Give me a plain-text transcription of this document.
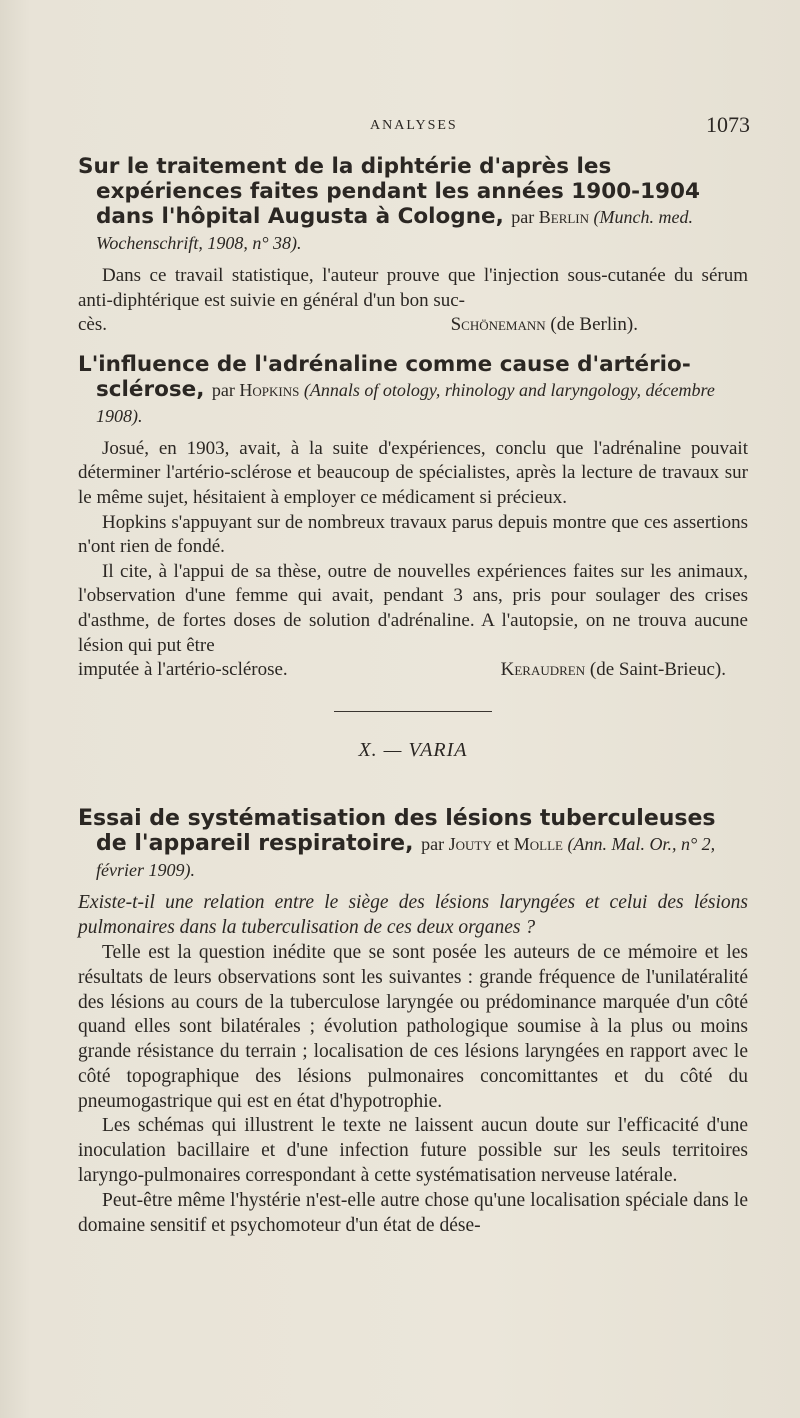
ANALYSES	1073

Sur le traitement de la diphtérie d'après les expériences faites pendant les années 1900-1904 dans l'hôpital Augusta à Cologne, par Berlin (Munch. med. Wochenschrift, 1908, n° 38).

Dans ce travail statistique, l'auteur prouve que l'injection sous-cutanée du sérum anti-diphtérique est suivie en général d'un bon suc-

cès.	Schönemann (de Berlin).

L'influence de l'adrénaline comme cause d'artério-sclérose, par Hopkins (Annals of otology, rhinology and laryngology, décembre 1908).

Josué, en 1903, avait, à la suite d'expériences, conclu que l'adrénaline pouvait déterminer l'artério-sclérose et beaucoup de spécialistes, après la lecture de travaux sur le même sujet, hésitaient à employer ce médicament si précieux.

Hopkins s'appuyant sur de nombreux travaux parus depuis montre que ces assertions n'ont rien de fondé.

Il cite, à l'appui de sa thèse, outre de nouvelles expériences faites sur les animaux, l'observation d'une femme qui avait, pendant 3 ans, pris pour soulager des crises d'asthme, de fortes doses de solution d'adrénaline. A l'autopsie, on ne trouva aucune lésion qui put être

imputée à l'artério-sclérose.	Keraudren (de Saint-Brieuc).
X. — VARIA

Essai de systématisation des lésions tuberculeuses de l'appareil respiratoire, par Jouty et Molle (Ann. Mal. Or., n° 2, février 1909).

Existe-t-il une relation entre le siège des lésions laryngées et celui des lésions pulmonaires dans la tuberculisation de ces deux organes ?

Telle est la question inédite que se sont posée les auteurs de ce mémoire et les résultats de leurs observations sont les suivantes : grande fréquence de l'unilatéralité des lésions au cours de la tuberculose laryngée ou prédominance marquée d'un côté quand elles sont bilatérales ; évolution pathologique soumise à la plus ou moins grande résistance du terrain ; localisation de ces lésions laryngées en rapport avec le côté topographique des lésions pulmonaires concomittantes et du côté du pneumogastrique qui est en état d'hypotrophie.

Les schémas qui illustrent le texte ne laissent aucun doute sur l'efficacité d'une inoculation bacillaire et d'une infection future possible sur les seuls territoires laryngo-pulmonaires correspondant à cette systématisation nerveuse latérale.

Peut-être même l'hystérie n'est-elle autre chose qu'une localisation spéciale dans le domaine sensitif et psychomoteur d'un état de dése-
